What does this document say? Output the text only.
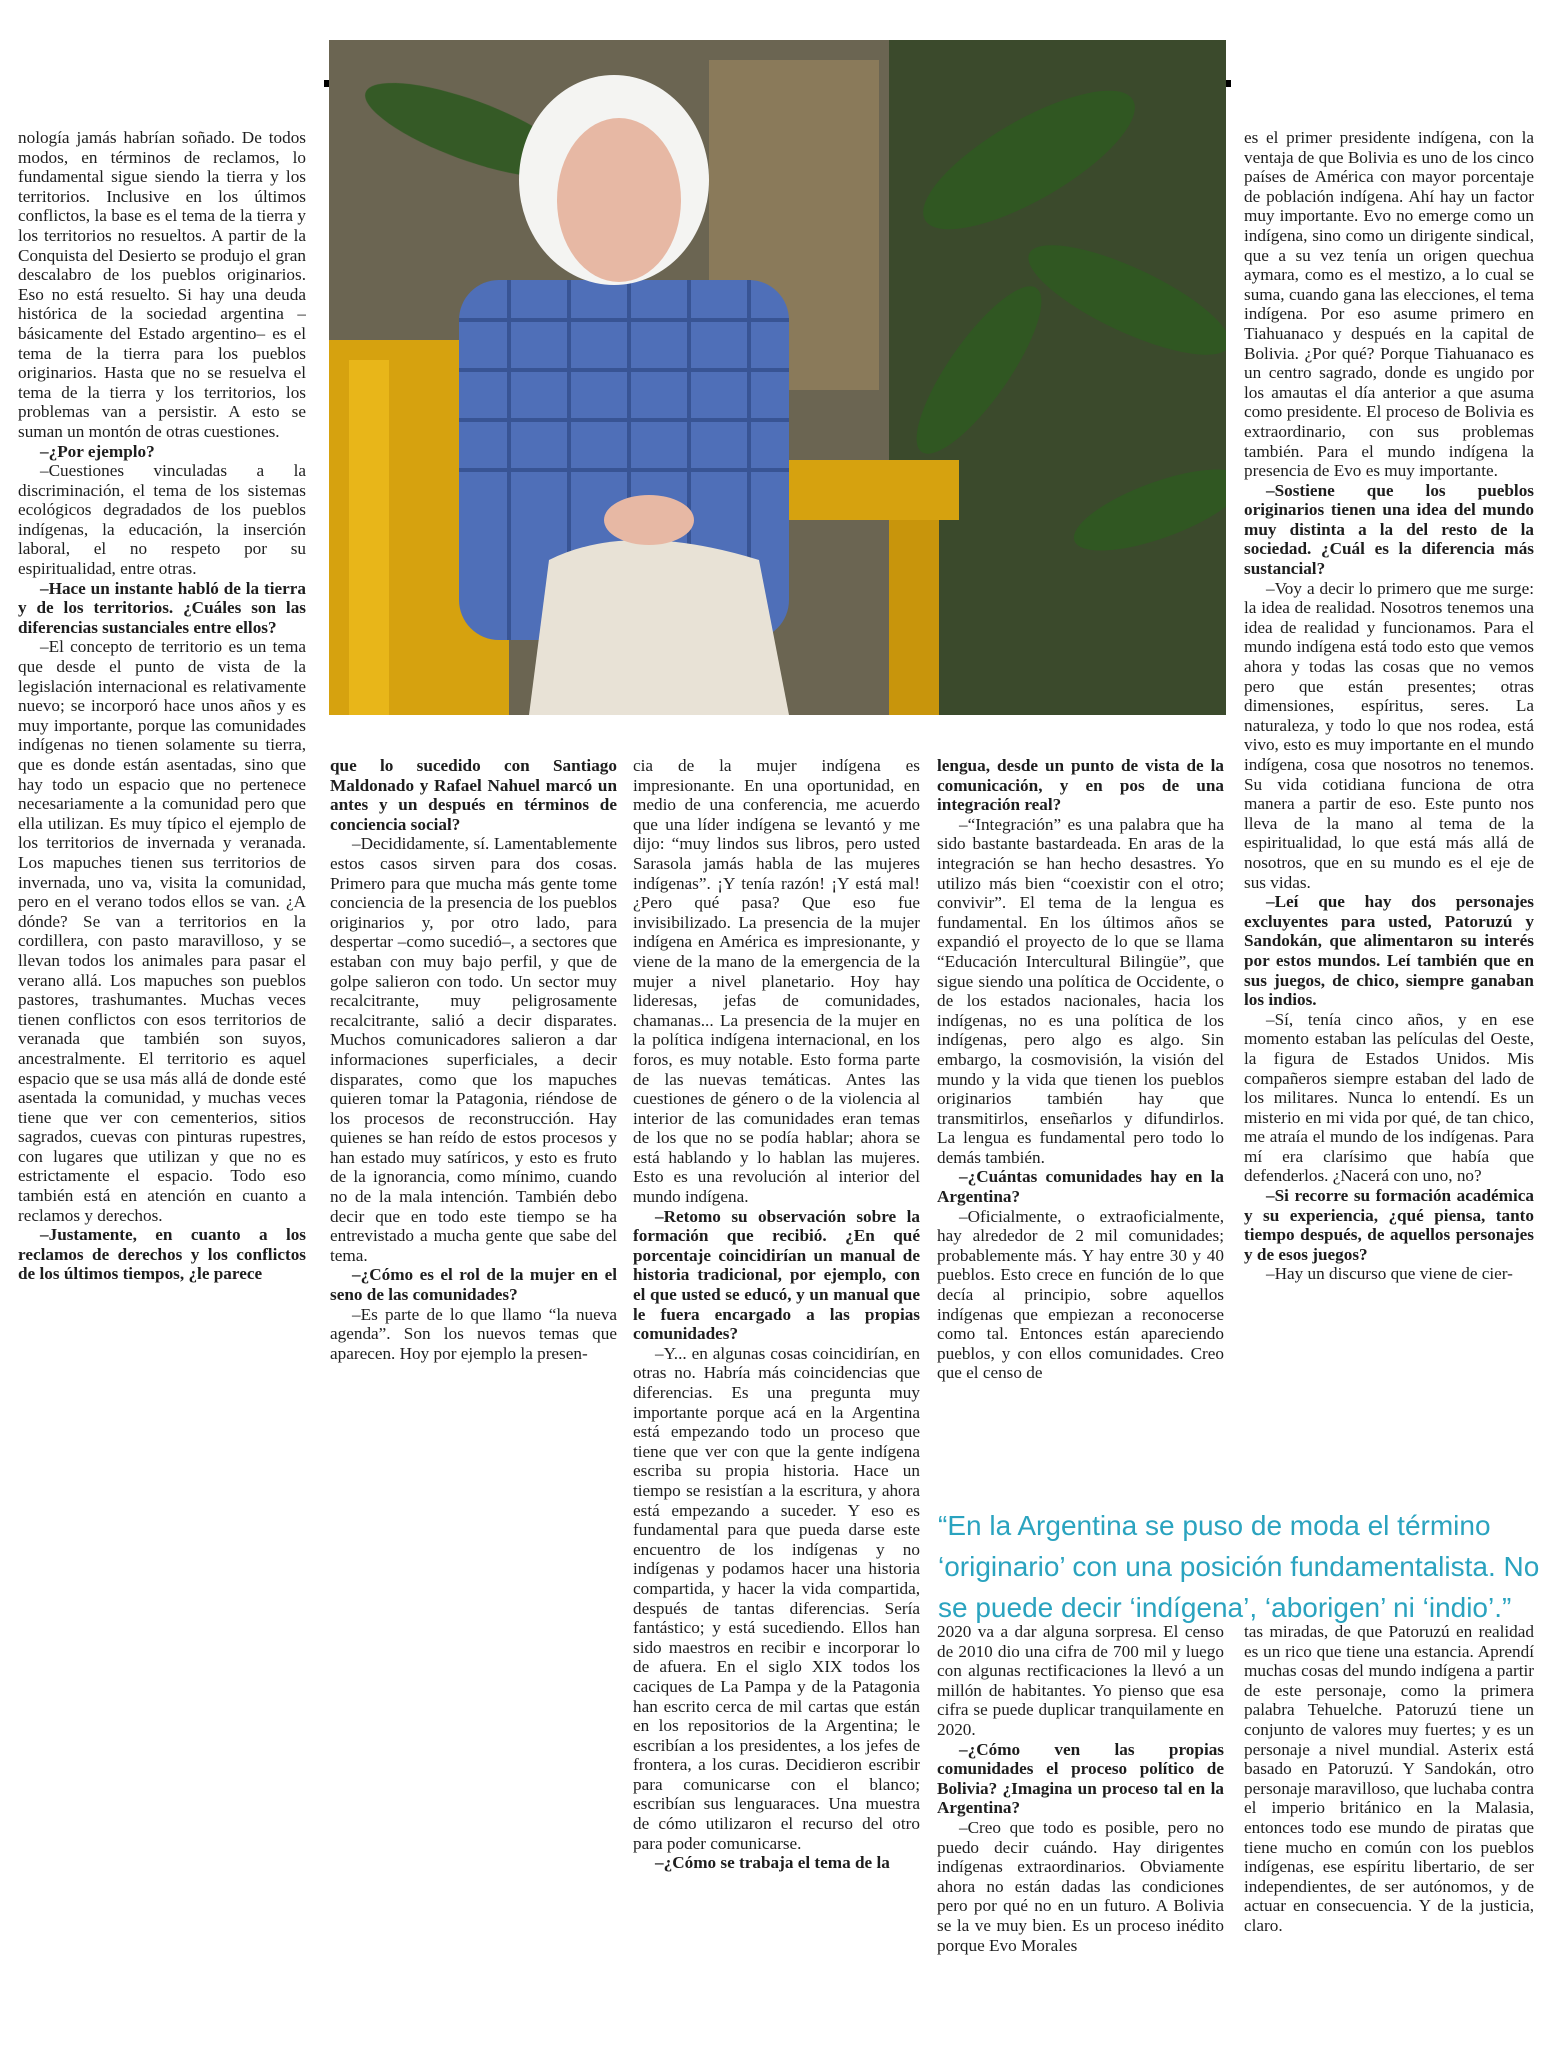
nología jamás habrían soñado. De todos modos, en términos de reclamos, lo fundamental sigue siendo la tierra y los territorios. Inclusive en los últimos conflictos, la base es el tema de la tierra y los territorios no resueltos. A partir de la Conquista del Desierto se produjo el gran descalabro de los pueblos originarios. Eso no está resuelto. Si hay una deuda histórica de la sociedad argentina –básicamente del Estado argentino– es el tema de la tierra para los pueblos originarios. Hasta que no se resuelva el tema de la tierra y los territorios, los problemas van a persistir. A esto se suman un montón de otras cuestiones.

–¿Por ejemplo?

–Cuestiones vinculadas a la discriminación, el tema de los sistemas ecológicos degradados de los pueblos indígenas, la educación, la inserción laboral, el no respeto por su espiritualidad, entre otras.

–Hace un instante habló de la tierra y de los territorios. ¿Cuáles son las diferencias sustanciales entre ellos?

–El concepto de territorio es un tema que desde el punto de vista de la legislación internacional es relativamente nuevo; se incorporó hace unos años y es muy importante, porque las comunidades indígenas no tienen solamente su tierra, que es donde están asentadas, sino que hay todo un espacio que no pertenece necesariamente a la comunidad pero que ella utilizan. Es muy típico el ejemplo de los territorios de invernada y veranada. Los mapuches tienen sus territorios de invernada, uno va, visita la comunidad, pero en el verano todos ellos se van. ¿A dónde? Se van a territorios en la cordillera, con pasto maravilloso, y se llevan todos los animales para pasar el verano allá. Los mapuches son pueblos pastores, trashumantes. Muchas veces tienen conflictos con esos territorios de veranada que también son suyos, ancestralmente. El territorio es aquel espacio que se usa más allá de donde esté asentada la comunidad, y muchas veces tiene que ver con cementerios, sitios sagrados, cuevas con pinturas rupestres, con lugares que utilizan y que no es estrictamente el espacio. Todo eso también está en atención en cuanto a reclamos y derechos.

–Justamente, en cuanto a los reclamos de derechos y los conflictos de los últimos tiempos, ¿le parece

que lo sucedido con Santiago Maldonado y Rafael Nahuel marcó un antes y un después en términos de conciencia social?

–Decididamente, sí. Lamentablemente estos casos sirven para dos cosas. Primero para que mucha más gente tome conciencia de la presencia de los pueblos originarios y, por otro lado, para despertar –como sucedió–, a sectores que estaban con muy bajo perfil, y que de golpe salieron con todo. Un sector muy recalcitrante, muy peligrosamente recalcitrante, salió a decir disparates. Muchos comunicadores salieron a dar informaciones superficiales, a decir disparates, como que los mapuches quieren tomar la Patagonia, riéndose de los procesos de reconstrucción. Hay quienes se han reído de estos procesos y han estado muy satíricos, y esto es fruto de la ignorancia, como mínimo, cuando no de la mala intención. También debo decir que en todo este tiempo se ha entrevistado a mucha gente que sabe del tema.

–¿Cómo es el rol de la mujer en el seno de las comunidades?

–Es parte de lo que llamo “la nueva agenda”. Son los nuevos temas que aparecen. Hoy por ejemplo la presen-

cia de la mujer indígena es impresionante. En una oportunidad, en medio de una conferencia, me acuerdo que una líder indígena se levantó y me dijo: “muy lindos sus libros, pero usted Sarasola jamás habla de las mujeres indígenas”. ¡Y tenía razón! ¡Y está mal! ¿Pero qué pasa? Que eso fue invisibilizado. La presencia de la mujer indígena en América es impresionante, y viene de la mano de la emergencia de la mujer a nivel planetario. Hoy hay lideresas, jefas de comunidades, chamanas... La presencia de la mujer en la política indígena internacional, en los foros, es muy notable. Esto forma parte de las nuevas temáticas. Antes las cuestiones de género o de la violencia al interior de las comunidades eran temas de los que no se podía hablar; ahora se está hablando y lo hablan las mujeres. Esto es una revolución al interior del mundo indígena.

–Retomo su observación sobre la formación que recibió. ¿En qué porcentaje coincidirían un manual de historia tradicional, por ejemplo, con el que usted se educó, y un manual que le fuera encargado a las propias comunidades?

–Y... en algunas cosas coincidirían, en otras no. Habría más coincidencias que diferencias. Es una pregunta muy importante porque acá en la Argentina está empezando todo un proceso que tiene que ver con que la gente indígena escriba su propia historia. Hace un tiempo se resistían a la escritura, y ahora está empezando a suceder. Y eso es fundamental para que pueda darse este encuentro de los indígenas y no indígenas y podamos hacer una historia compartida, y hacer la vida compartida, después de tantas diferencias. Sería fantástico; y está sucediendo. Ellos han sido maestros en recibir e incorporar lo de afuera. En el siglo XIX todos los caciques de La Pampa y de la Patagonia han escrito cerca de mil cartas que están en los repositorios de la Argentina; le escribían a los presidentes, a los jefes de frontera, a los curas. Decidieron escribir para comunicarse con el blanco; escribían sus lenguaraces. Una muestra de cómo utilizaron el recurso del otro para poder comunicarse.

–¿Cómo se trabaja el tema de la

lengua, desde un punto de vista de la comunicación, y en pos de una integración real?

–“Integración” es una palabra que ha sido bastante bastardeada. En aras de la integración se han hecho desastres. Yo utilizo más bien “coexistir con el otro; convivir”. El tema de la lengua es fundamental. En los últimos años se expandió el proyecto de lo que se llama “Educación Intercultural Bilingüe”, que sigue siendo una política de Occidente, o de los estados nacionales, hacia los indígenas, no es una política de los indígenas, pero algo es algo. Sin embargo, la cosmovisión, la visión del mundo y la vida que tienen los pueblos originarios también hay que transmitirlos, enseñarlos y difundirlos. La lengua es fundamental pero todo lo demás también.

–¿Cuántas comunidades hay en la Argentina?

–Oficialmente, o extraoficialmente, hay alrededor de 2 mil comunidades; probablemente más. Y hay entre 30 y 40 pueblos. Esto crece en función de lo que decía al principio, sobre aquellos indígenas que empiezan a reconocerse como tal. Entonces están apareciendo pueblos, y con ellos comunidades. Creo que el censo de

es el primer presidente indígena, con la ventaja de que Bolivia es uno de los cinco países de América con mayor porcentaje de población indígena. Ahí hay un factor muy importante. Evo no emerge como un indígena, sino como un dirigente sindical, que a su vez tenía un origen quechua aymara, como es el mestizo, a lo cual se suma, cuando gana las elecciones, el tema indígena. Por eso asume primero en Tiahuanaco y después en la capital de Bolivia. ¿Por qué? Porque Tiahuanaco es un centro sagrado, donde es ungido por los amautas el día anterior a que asuma como presidente. El proceso de Bolivia es extraordinario, con sus problemas también. Para el mundo indígena la presencia de Evo es muy importante.

–Sostiene que los pueblos originarios tienen una idea del mundo muy distinta a la del resto de la sociedad. ¿Cuál es la diferencia más sustancial?

–Voy a decir lo primero que me surge: la idea de realidad. Nosotros tenemos una idea de realidad y funcionamos. Para el mundo indígena está todo esto que vemos ahora y todas las cosas que no vemos pero que están presentes; otras dimensiones, espíritus, seres. La naturaleza, y todo lo que nos rodea, está vivo, esto es muy importante en el mundo indígena, cosa que nosotros no tenemos. Su vida cotidiana funciona de otra manera a partir de eso. Este punto nos lleva de la mano al tema de la espiritualidad, lo que está más allá de nosotros, que en su mundo es el eje de sus vidas.

–Leí que hay dos personajes excluyentes para usted, Patoruzú y Sandokán, que alimentaron su interés por estos mundos. Leí también que en sus juegos, de chico, siempre ganaban los indios.

–Sí, tenía cinco años, y en ese momento estaban las películas del Oeste, la figura de Estados Unidos. Mis compañeros siempre estaban del lado de los militares. Nunca lo entendí. Es un misterio en mi vida por qué, de tan chico, me atraía el mundo de los indígenas. Para mí era clarísimo que había que defenderlos. ¿Nacerá con uno, no?

–Si recorre su formación académica y su experiencia, ¿qué piensa, tanto tiempo después, de aquellos personajes y de esos juegos?

–Hay un discurso que viene de cier-

2020 va a dar alguna sorpresa. El censo de 2010 dio una cifra de 700 mil y luego con algunas rectificaciones la llevó a un millón de habitantes. Yo pienso que esa cifra se puede duplicar tranquilamente en 2020.

–¿Cómo ven las propias comunidades el proceso político de Bolivia? ¿Imagina un proceso tal en la Argentina?

–Creo que todo es posible, pero no puedo decir cuándo. Hay dirigentes indígenas extraordinarios. Obviamente ahora no están dadas las condiciones pero por qué no en un futuro. A Bolivia se la ve muy bien. Es un proceso inédito porque Evo Morales

tas miradas, de que Patoruzú en realidad es un rico que tiene una estancia. Aprendí muchas cosas del mundo indígena a partir de este personaje, como la primera palabra Tehuelche. Patoruzú tiene un conjunto de valores muy fuertes; y es un personaje a nivel mundial. Asterix está basado en Patoruzú. Y Sandokán, otro personaje maravilloso, que luchaba contra el imperio británico en la Malasia, entonces todo ese mundo de piratas que tiene mucho en común con los pueblos indígenas, ese espíritu libertario, de ser independientes, de ser autónomos, y de actuar en consecuencia. Y de la justicia, claro.

“En la Argentina se puso de moda el término ‘originario’ con una posición fundamentalista. No se puede decir ‘indígena’, ‘aborigen’ ni ‘indio’.”
